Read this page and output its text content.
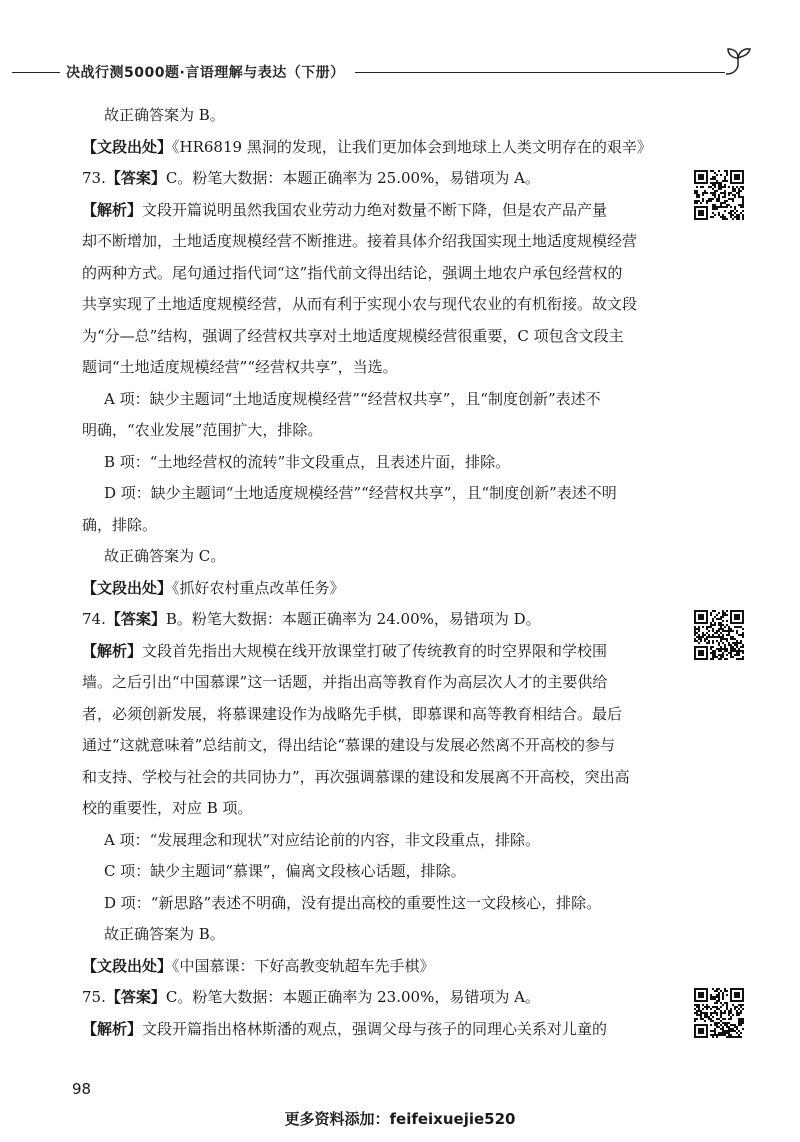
决战行测5000题·言语理解与表达（下册）

故正确答案为 B。

【文段出处】《HR6819 黑洞的发现，让我们更加体会到地球上人类文明存在的艰辛》

73.【答案】C。粉笔大数据：本题正确率为 25.00%，易错项为 A。

【解析】文段开篇说明虽然我国农业劳动力绝对数量不断下降，但是农产品产量

却不断增加，土地适度规模经营不断推进。接着具体介绍我国实现土地适度规模经营

的两种方式。尾句通过指代词“这”指代前文得出结论，强调土地农户承包经营权的

共享实现了土地适度规模经营，从而有利于实现小农与现代农业的有机衔接。故文段

为“分—总”结构，强调了经营权共享对土地适度规模经营很重要，C 项包含文段主

题词“土地适度规模经营”“经营权共享”，当选。

A 项：缺少主题词“土地适度规模经营”“经营权共享”，且“制度创新”表述不

明确，“农业发展”范围扩大，排除。

B 项：“土地经营权的流转”非文段重点，且表述片面，排除。

D 项：缺少主题词“土地适度规模经营”“经营权共享”，且“制度创新”表述不明

确，排除。

故正确答案为 C。

【文段出处】《抓好农村重点改革任务》

74.【答案】B。粉笔大数据：本题正确率为 24.00%，易错项为 D。

【解析】文段首先指出大规模在线开放课堂打破了传统教育的时空界限和学校围

墙。之后引出“中国慕课”这一话题，并指出高等教育作为高层次人才的主要供给

者，必须创新发展，将慕课建设作为战略先手棋，即慕课和高等教育相结合。最后

通过“这就意味着”总结前文，得出结论“慕课的建设与发展必然离不开高校的参与

和支持、学校与社会的共同协力”，再次强调慕课的建设和发展离不开高校，突出高

校的重要性，对应 B 项。

A 项：“发展理念和现状”对应结论前的内容，非文段重点，排除。

C 项：缺少主题词“慕课”，偏离文段核心话题，排除。

D 项：“新思路”表述不明确，没有提出高校的重要性这一文段核心，排除。

故正确答案为 B。

【文段出处】《中国慕课：下好高教变轨超车先手棋》

75.【答案】C。粉笔大数据：本题正确率为 23.00%，易错项为 A。

【解析】文段开篇指出格林斯潘的观点，强调父母与孩子的同理心关系对儿童的

98
更多资料添加：feifeixuejie520
